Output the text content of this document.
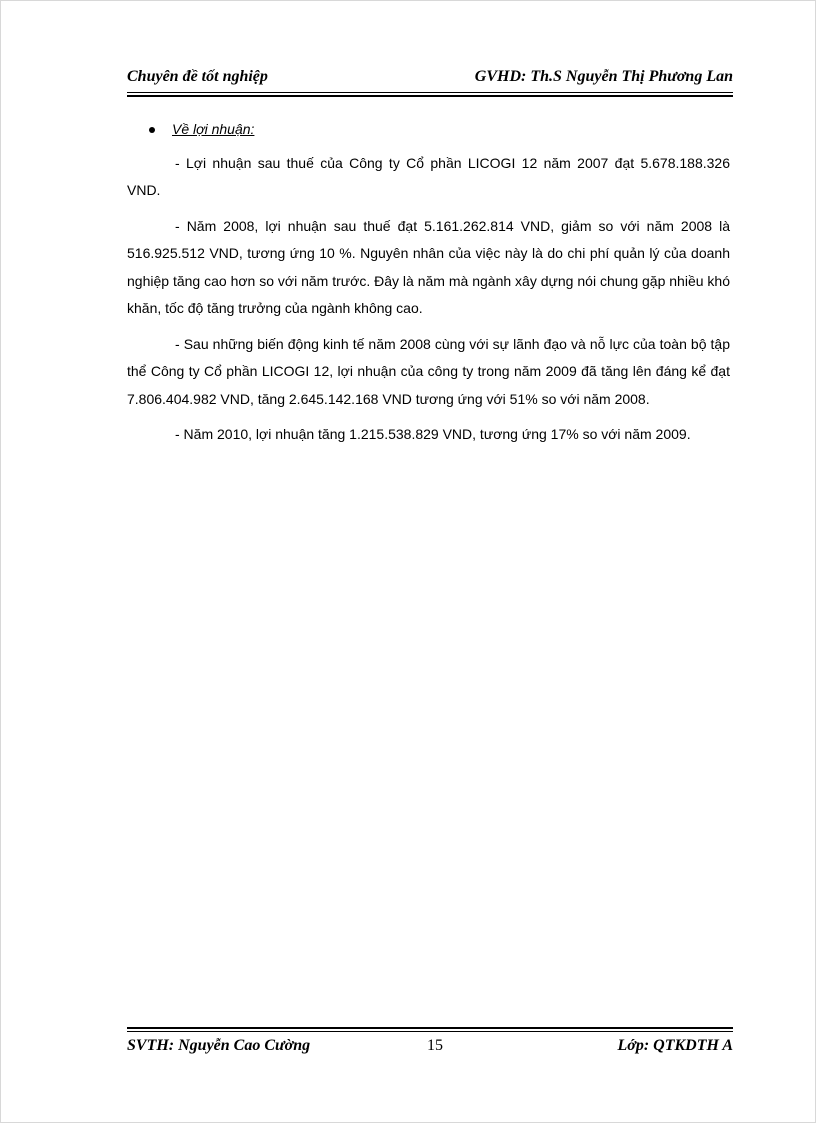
Chuyên đề tốt nghiệp	GVHD: Th.S Nguyễn Thị Phương Lan
Về lợi nhuận:

- Lợi nhuận sau thuế của Công ty Cổ phần LICOGI 12 năm 2007 đạt 5.678.188.326 VND.

- Năm 2008, lợi nhuận sau thuế đạt 5.161.262.814 VND, giảm so với năm 2008 là 516.925.512 VND, tương ứng 10 %. Nguyên nhân của việc này là do chi phí quản lý của doanh nghiệp tăng cao hơn so với năm trước. Đây là năm mà ngành xây dựng nói chung gặp nhiều khó khăn, tốc độ tăng trưởng của ngành không cao.

- Sau những biến động kinh tế năm 2008 cùng với sự lãnh đạo và nỗ lực của toàn bộ tập thể Công ty Cổ phần LICOGI 12, lợi nhuận của công ty trong năm 2009 đã tăng lên đáng kể đạt 7.806.404.982 VND, tăng 2.645.142.168 VND tương ứng với 51% so với năm 2008.

- Năm 2010, lợi nhuận tăng 1.215.538.829 VND, tương ứng 17% so với năm 2009.

SVTH: Nguyễn Cao Cường	15	Lớp: QTKDTH A
